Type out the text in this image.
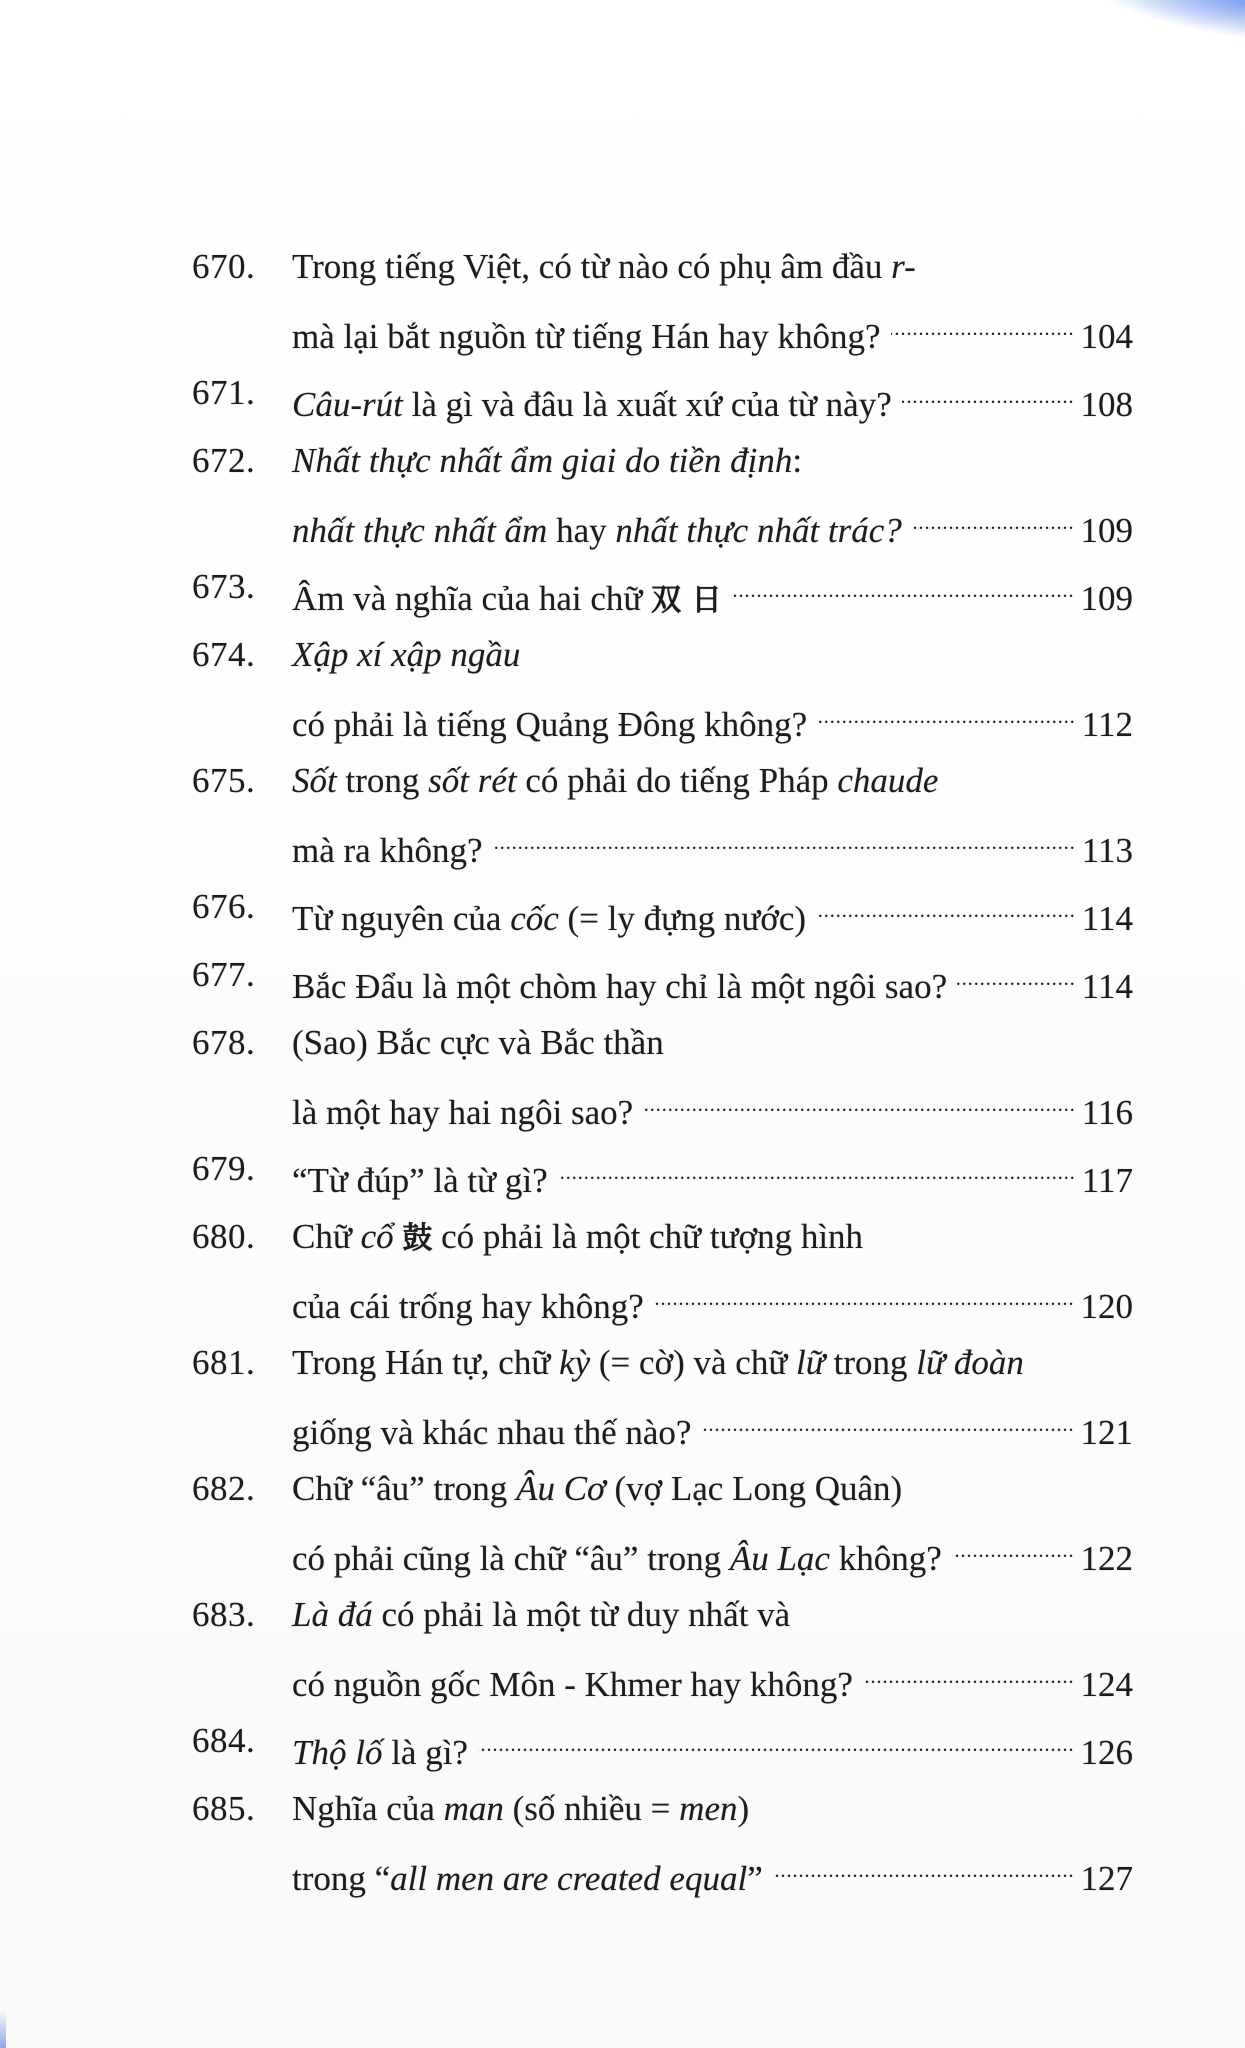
670.	Trong tiếng Việt, có từ nào có phụ âm đầu r-
mà lại bắt nguồn từ tiếng Hán hay không? .....	104
671.	Câu-rút là gì và đâu là xuất xứ của từ này? .....	108
672.	Nhất thực nhất ẩm giai do tiền định:
nhất thực nhất ẩm hay nhất thực nhất trác? .....	109
673.	Âm và nghĩa của hai chữ 双 日 .....	109
674.	Xập xí xập ngầu
có phải là tiếng Quảng Đông không? .....	112
675.	Sốt trong sốt rét có phải do tiếng Pháp chaude
mà ra không? .....	113
676.	Từ nguyên của cốc (= ly đựng nước) .....	114
677.	Bắc Đẩu là một chòm hay chỉ là một ngôi sao? .....	114
678.	(Sao) Bắc cực và Bắc thần
là một hay hai ngôi sao? .....	116
679.	“Từ đúp” là từ gì? .....	117
680.	Chữ cổ 鼓 có phải là một chữ tượng hình
của cái trống hay không? .....	120
681.	Trong Hán tự, chữ kỳ (= cờ) và chữ lữ trong lữ đoàn
giống và khác nhau thế nào? .....	121
682.	Chữ “âu” trong Âu Cơ (vợ Lạc Long Quân)
có phải cũng là chữ “âu” trong Âu Lạc không? .....	122
683.	Là đá có phải là một từ duy nhất và
có nguồn gốc Môn - Khmer hay không? .....	124
684.	Thộ lố là gì? .....	126
685.	Nghĩa của man (số nhiều = men)
trong “all men are created equal” .....	127
